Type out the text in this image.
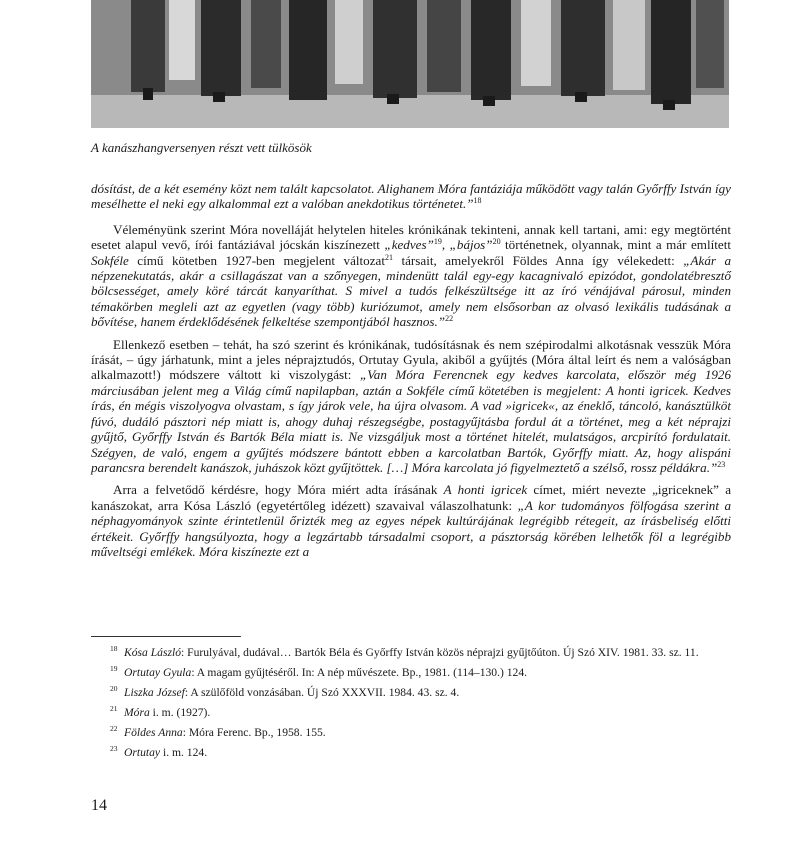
A kanászhangversenyen részt vett tülkösök

dósítást, de a két esemény közt nem talált kapcsolatot. Alighanem Móra fantáziája működött vagy talán Győrffy István így mesélhette el neki egy alkalommal ezt a valóban anekdotikus történetet.”$^{18}$

Véleményünk szerint Móra novelláját helytelen hiteles krónikának tekinteni, annak kell tartani, ami: egy megtörtént esetet alapul vevő, írói fantáziával jócskán kiszínezett „kedves”$^{19}$, „bájos”$^{20}$ történetnek, olyannak, mint a már említett Sokféle című kötetben 1927-ben megjelent változat$^{21}$ társait, amelyekről Földes Anna így vélekedett: „Akár a népzenekutatás, akár a csillagászat van a szőnyegen, mindenütt talál egy-egy kacagnivaló epizódot, gondolatébresztő bölcsességet, amely köré tárcát kanyaríthat. S mivel a tudós felkészültsége itt az író vénájával párosul, minden témakörben megleli azt az egyetlen (vagy több) kuriózumot, amely nem elsősorban az olvasó lexikális tudásának a bővítése, hanem érdeklődésének felkeltése szempontjából hasznos.”$^{22}$

Ellenkező esetben – tehát, ha szó szerint és krónikának, tudósításnak és nem szépirodalmi alkotásnak vesszük Móra írását, – úgy járhatunk, mint a jeles néprajztudós, Ortutay Gyula, akiből a gyűjtés (Móra által leírt és nem a valóságban alkalmazott!) módszere váltott ki viszolygást: „Van Móra Ferencnek egy kedves karcolata, először még 1926 márciusában jelent meg a Világ című napilapban, aztán a Sokféle című kötetében is megjelent: A honti igricek. Kedves írás, én mégis viszolyogva olvastam, s így járok vele, ha újra olvasom. A vad »igricek«, az éneklő, táncoló, kanásztülköt fúvó, dudáló pásztori nép miatt is, ahogy duhaj részegségbe, postagyűjtásba fordul át a történet, meg a két néprajzi gyűjtő, Győrffy István és Bartók Béla miatt is. Ne vizsgáljuk most a történet hitelét, mulatságos, arcpirító fordulatait. Szégyen, de való, engem a gyűjtés módszere bántott ebben a karcolatban Bartók, Győrffy miatt. Az, hogy alispáni parancsra berendelt kanászok, juhászok közt gyűjtöttek. […] Móra karcolata jó figyelmeztető a szélső, rossz példákra.”$^{23}$

Arra a felvetődő kérdésre, hogy Móra miért adta írásának A honti igricek címet, miért nevezte „igriceknek” a kanászokat, arra Kósa László (egyetértőleg idézett) szavaival válaszolhatunk: „A kor tudományos fölfogása szerint a néphagyományok szinte érintetlenül őrizték meg az egyes népek kultúrájának legrégibb rétegeit, az írásbeliség előtti értékeit. Győrffy hangsúlyozta, hogy a legzártabb társadalmi csoport, a pásztorság körében lelhetők föl a legrégibb műveltségi emlékek. Móra kiszínezte ezt a

18 Kósa László: Furulyával, dudával… Bartók Béla és Győrffy István közös néprajzi gyűjtőúton. Új Szó XIV. 1981. 33. sz. 11.
19 Ortutay Gyula: A magam gyűjtéséről. In: A nép művészete. Bp., 1981. (114–130.) 124.
20 Liszka József: A szülőföld vonzásában. Új Szó XXXVII. 1984. 43. sz. 4.
21 Móra i. m. (1927).
22 Földes Anna: Móra Ferenc. Bp., 1958. 155.
23 Ortutay i. m. 124.
14
